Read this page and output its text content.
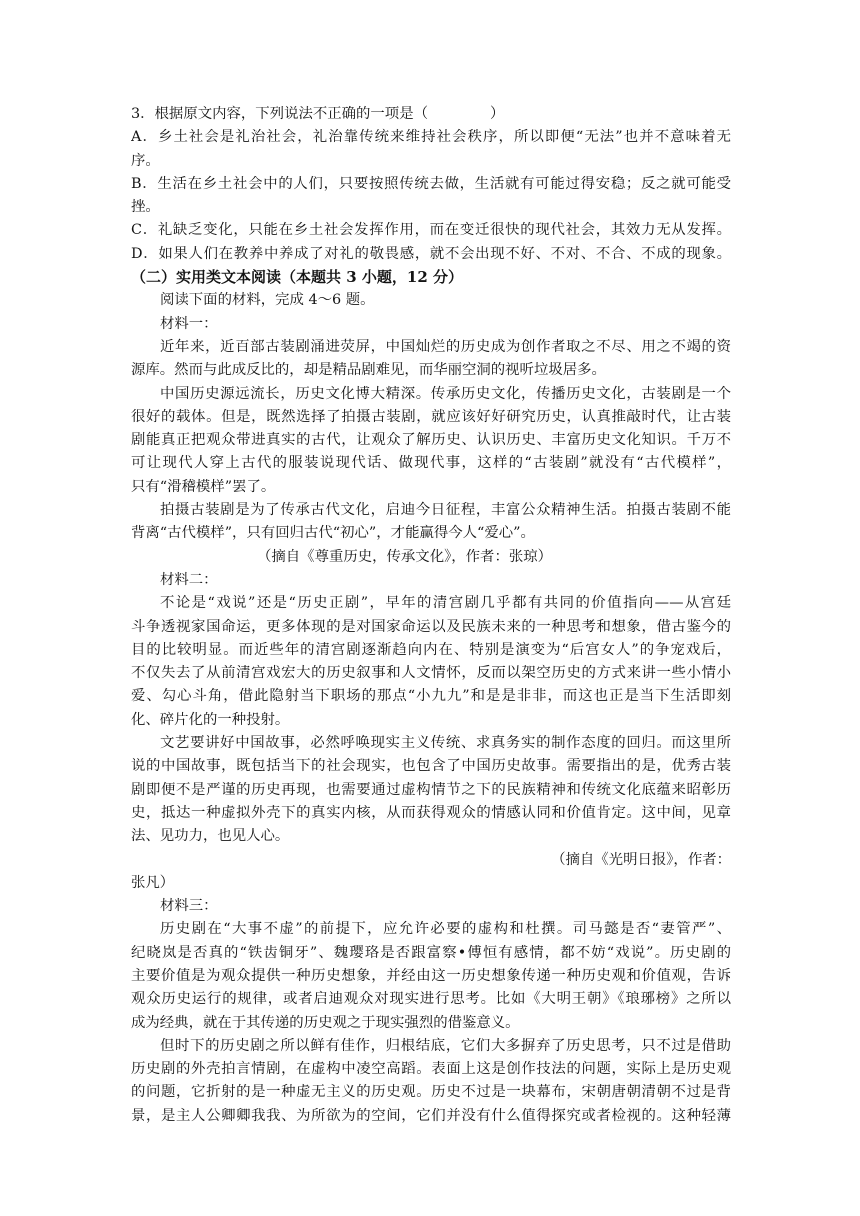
3．根据原文内容，下列说法不正确的一项是（	）
A．乡土社会是礼治社会，礼治靠传统来维持社会秩序，所以即便“无法”也并不意味着无
序。
B．生活在乡土社会中的人们，只要按照传统去做，生活就有可能过得安稳；反之就可能受
挫。
C．礼缺乏变化，只能在乡土社会发挥作用，而在变迁很快的现代社会，其效力无从发挥。
D．如果人们在教养中养成了对礼的敬畏感，就不会出现不好、不对、不合、不成的现象。
（二）实用类文本阅读（本题共 3 小题，12 分）
阅读下面的材料，完成 4～6 题。
材料一：
近年来，近百部古装剧涌进荧屏，中国灿烂的历史成为创作者取之不尽、用之不竭的资
源库。然而与此成反比的，却是精品剧难见，而华丽空洞的视听垃圾居多。
中国历史源远流长，历史文化博大精深。传承历史文化，传播历史文化，古装剧是一个
很好的载体。但是，既然选择了拍摄古装剧，就应该好好研究历史，认真推敲时代，让古装
剧能真正把观众带进真实的古代，让观众了解历史、认识历史、丰富历史文化知识。千万不
可让现代人穿上古代的服装说现代话、做现代事，这样的“古装剧”就没有“古代模样”，
只有“滑稽模样”罢了。
拍摄古装剧是为了传承古代文化，启迪今日征程，丰富公众精神生活。拍摄古装剧不能
背离“古代模样”，只有回归古代“初心”，才能赢得今人“爱心”。
（摘自《尊重历史，传承文化》，作者：张琼）
材料二：
不论是“戏说”还是“历史正剧”，早年的清宫剧几乎都有共同的价值指向——从宫廷
斗争透视家国命运，更多体现的是对国家命运以及民族未来的一种思考和想象，借古鉴今的
目的比较明显。而近些年的清宫剧逐渐趋向内在、特别是演变为“后宫女人”的争宠戏后，
不仅失去了从前清宫戏宏大的历史叙事和人文情怀，反而以架空历史的方式来讲一些小情小
爱、勾心斗角，借此隐射当下职场的那点“小九九”和是是非非，而这也正是当下生活即刻
化、碎片化的一种投射。
文艺要讲好中国故事，必然呼唤现实主义传统、求真务实的制作态度的回归。而这里所
说的中国故事，既包括当下的社会现实，也包含了中国历史故事。需要指出的是，优秀古装
剧即便不是严谨的历史再现，也需要通过虚构情节之下的民族精神和传统文化底蕴来昭彰历
史，抵达一种虚拟外壳下的真实内核，从而获得观众的情感认同和价值肯定。这中间，见章
法、见功力，也见人心。
（摘自《光明日报》，作者：
张凡）
材料三：
历史剧在“大事不虚”的前提下，应允许必要的虚构和杜撰。司马懿是否“妻管严”、
纪晓岚是否真的“铁齿铜牙”、魏璎珞是否跟富察•傅恒有感情，都不妨“戏说”。历史剧的
主要价值是为观众提供一种历史想象，并经由这一历史想象传递一种历史观和价值观，告诉
观众历史运行的规律，或者启迪观众对现实进行思考。比如《大明王朝》《琅琊榜》之所以
成为经典，就在于其传递的历史观之于现实强烈的借鉴意义。
但时下的历史剧之所以鲜有佳作，归根结底，它们大多摒弃了历史思考，只不过是借助
历史剧的外壳拍言情剧，在虚构中凌空高蹈。表面上这是创作技法的问题，实际上是历史观
的问题，它折射的是一种虚无主义的历史观。历史不过是一块幕布，宋朝唐朝清朝不过是背
景，是主人公卿卿我我、为所欲为的空间，它们并没有什么值得探究或者检视的。这种轻薄
